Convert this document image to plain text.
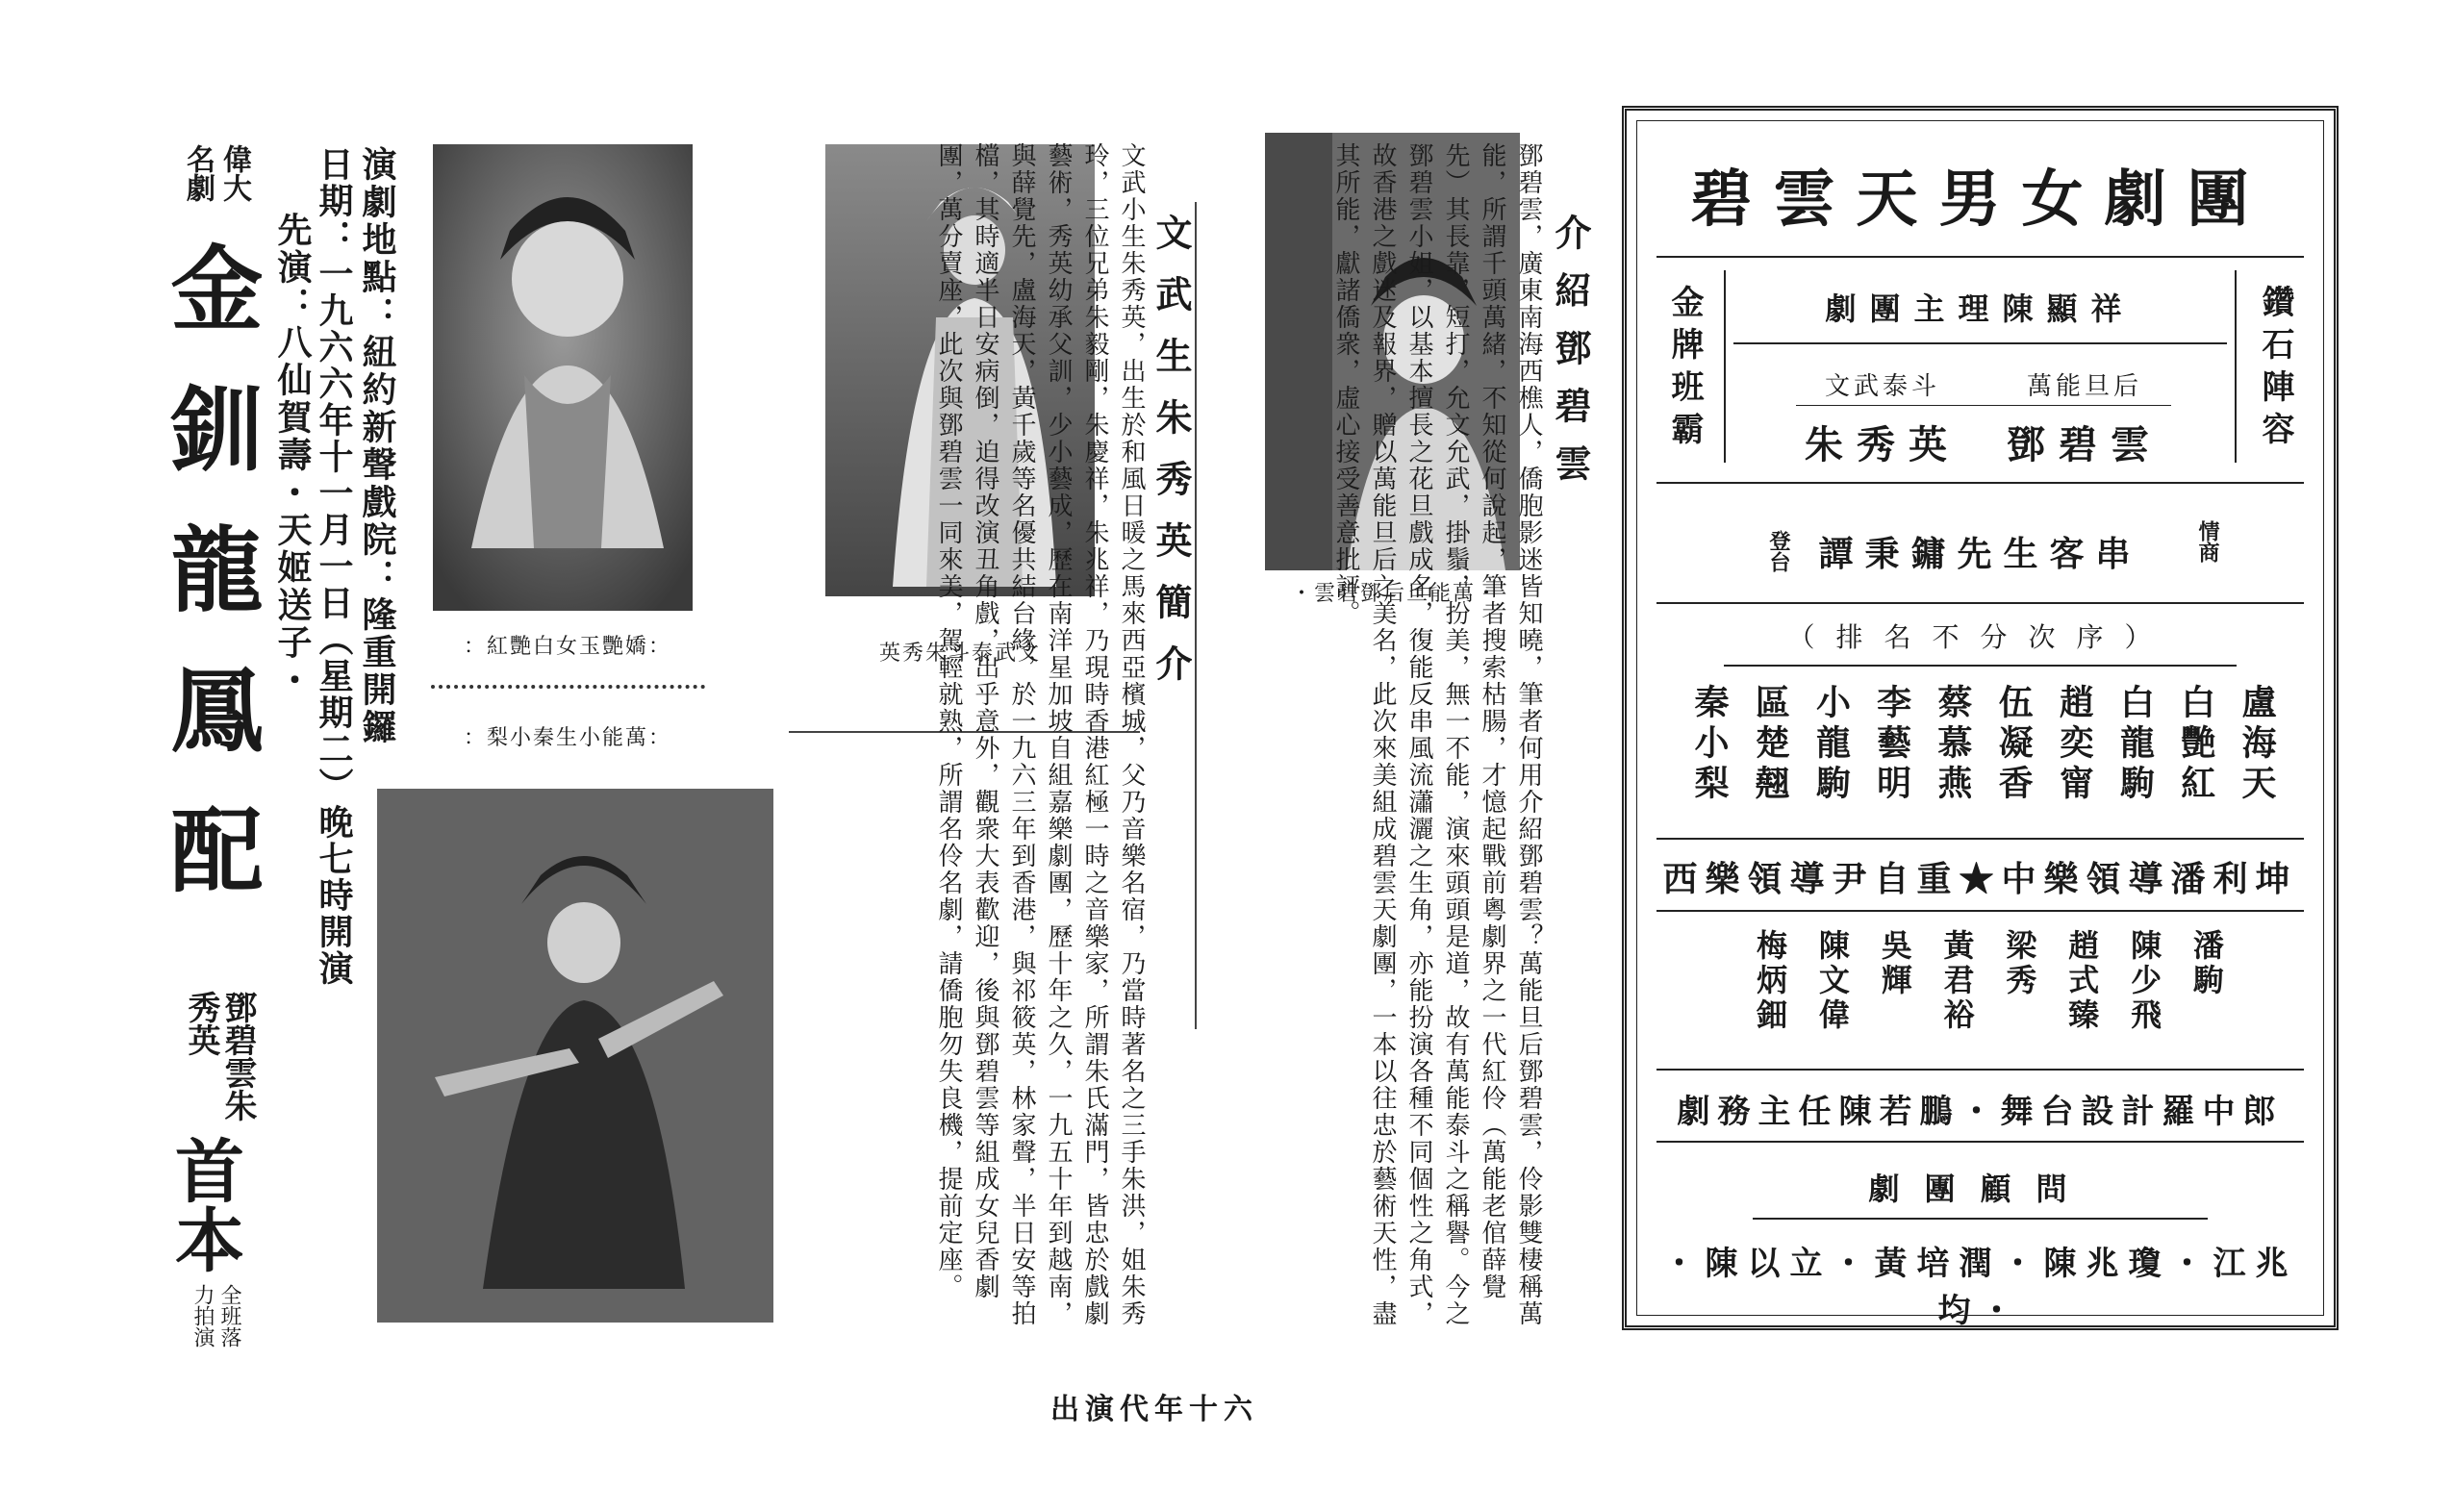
偉大名劇
金釧龍鳳配
鄧碧雲朱秀英
首本
全班落力拍演
演劇地點：紐約新聲戲院：隆重開鑼
日期：一九六六年十一月一日（星期二）晚七時開演
先演：八仙賀壽・天姬送子・	：紅艷白女玉艷嬌：
：梨小秦生小能萬：
英秀朱斗泰武文	文武生朱秀英簡介
文武小生朱秀英，出生於和風日暖之馬來西亞檳城，父乃音樂名宿，乃當時著名之三手朱洪，姐朱秀玲，三位兄弟朱毅剛，朱慶祥，朱兆祥，乃現時香港紅極一時之音樂家，所謂朱氏滿門，皆忠於戲劇藝術，秀英幼承父訓，少小藝成，歷在南洋星加坡自組嘉樂劇團，歷十年之久，一九五十年到越南，與薛覺先，盧海天，黃千歲等名優共結台緣，於一九六三年到香港，與祁筱英，林家聲，半日安等拍檔，其時適半日安病倒，迫得改演丑角戲，出乎意外，觀衆大表歡迎，後與鄧碧雲等組成女兒香劇團，萬分賣座，此次與鄧碧雲一同來美，駕輕就熟，所謂名伶名劇，請僑胞勿失良機，提前定座。	・雲碧鄧后旦能萬・
介紹鄧碧雲
鄧碧雲，廣東南海西樵人，僑胞影迷皆知曉，筆者何用介紹鄧碧雲？萬能旦后鄧碧雲，伶影雙棲稱萬能，所謂千頭萬緒，不知從何說起，筆者搜索枯腸，才憶起戰前粵劇界之一代紅伶（萬能老倌薛覺先）其長靠，短打，允文允武，掛鬚，扮美，無一不能，演來頭頭是道，故有萬能泰斗之稱譽。今之鄧碧雲小姐，以基本擅長之花旦戲成名，復能反串風流瀟灑之生角，亦能扮演各種不同個性之角式，故香港之戲迷及報界，贈以萬能旦后之美名，此次來美組成碧雲天劇團，一本以往忠於藝術天性，盡其所能，獻諸僑衆，虛心接受善意批評。	碧雲天男女劇團
金牌班霸	鑽石陣容
劇團主理陳顯祥
文武泰斗	萬能旦后
朱秀英	鄧碧雲
登台 譚秉鏞先生客串	情商
（排名不分次序）
盧海天
白艷紅
白龍駒
趙奕甯
伍凝香
蔡慕燕
李藝明
小龍駒
區楚翹
秦小梨
西樂領導尹自重★中樂領導潘利坤
潘駒
陳少飛
趙式臻
梁秀
黃君裕
吳輝
陳文偉
梅炳鈿
劇務主任陳若鵬・舞台設計羅中郎
劇團顧問
・陳以立・黃培潤・陳兆瓊・江兆均・
出演代年十六
